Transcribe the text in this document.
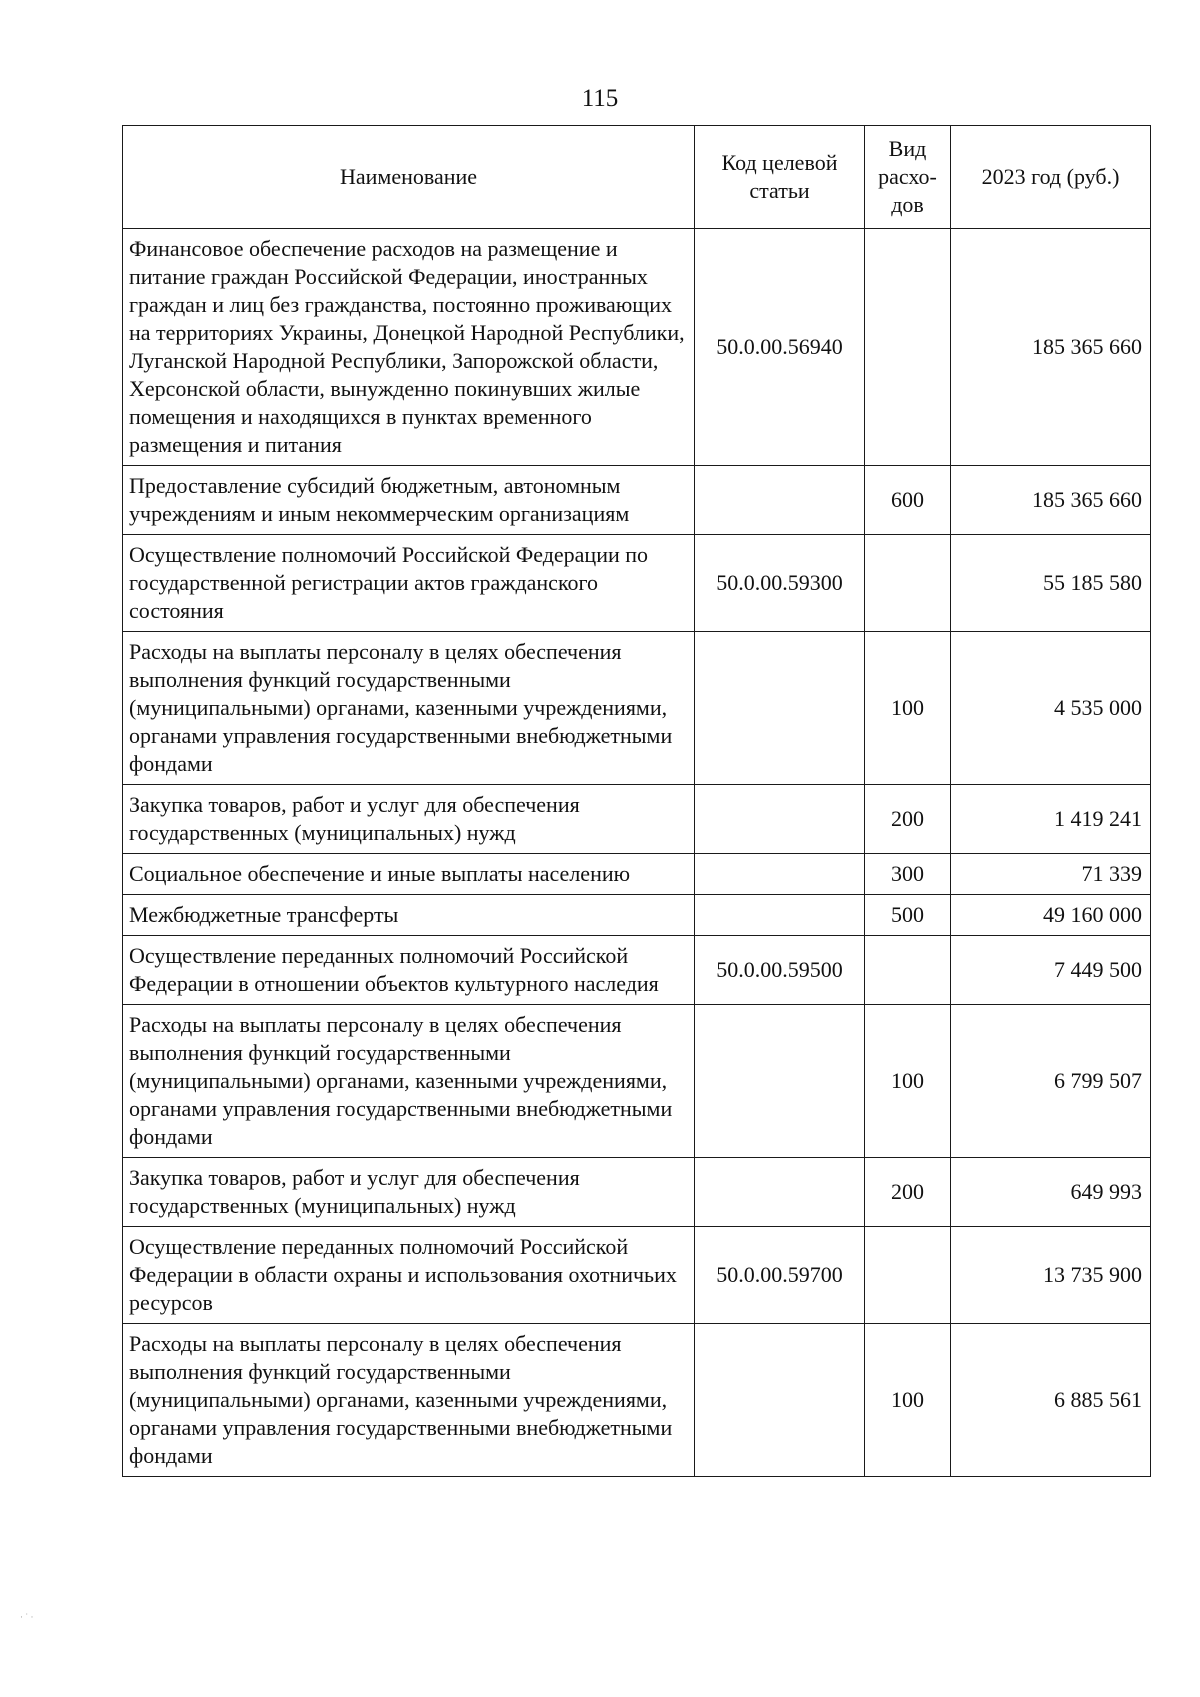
115
Наименование	Код целевой статьи	Вид расхо-дов	2023 год (руб.)
Финансовое обеспечение расходов на размещение и питание граждан Российской Федерации, иностранных граждан и лиц без гражданства, постоянно проживающих на территориях Украины, Донецкой Народной Республики, Луганской Народной Республики, Запорожской области, Херсонской области, вынужденно покинувших жилые помещения и находящихся в пунктах временного размещения и питания	50.0.00.56940		185 365 660
Предоставление субсидий бюджетным, автономным учреждениям и иным некоммерческим организациям		600	185 365 660
Осуществление полномочий Российской Федерации по государственной регистрации актов гражданского состояния	50.0.00.59300		55 185 580
Расходы на выплаты персоналу в целях обеспечения выполнения функций государственными (муниципальными) органами, казенными учреждениями, органами управления государственными внебюджетными фондами		100	4 535 000
Закупка товаров, работ и услуг для обеспечения государственных (муниципальных) нужд		200	1 419 241
Социальное обеспечение и иные выплаты населению		300	71 339
Межбюджетные трансферты		500	49 160 000
Осуществление переданных полномочий Российской Федерации в отношении объектов культурного наследия	50.0.00.59500		7 449 500
Расходы на выплаты персоналу в целях обеспечения выполнения функций государственными (муниципальными) органами, казенными учреждениями, органами управления государственными внебюджетными фондами		100	6 799 507
Закупка товаров, работ и услуг для обеспечения государственных (муниципальных) нужд		200	649 993
Осуществление переданных полномочий Российской Федерации в области охраны и использования охотничьих ресурсов	50.0.00.59700		13 735 900
Расходы на выплаты персоналу в целях обеспечения выполнения функций государственными (муниципальными) органами, казенными учреждениями, органами управления государственными внебюджетными фондами		100	6 885 561
· ˙ ·
